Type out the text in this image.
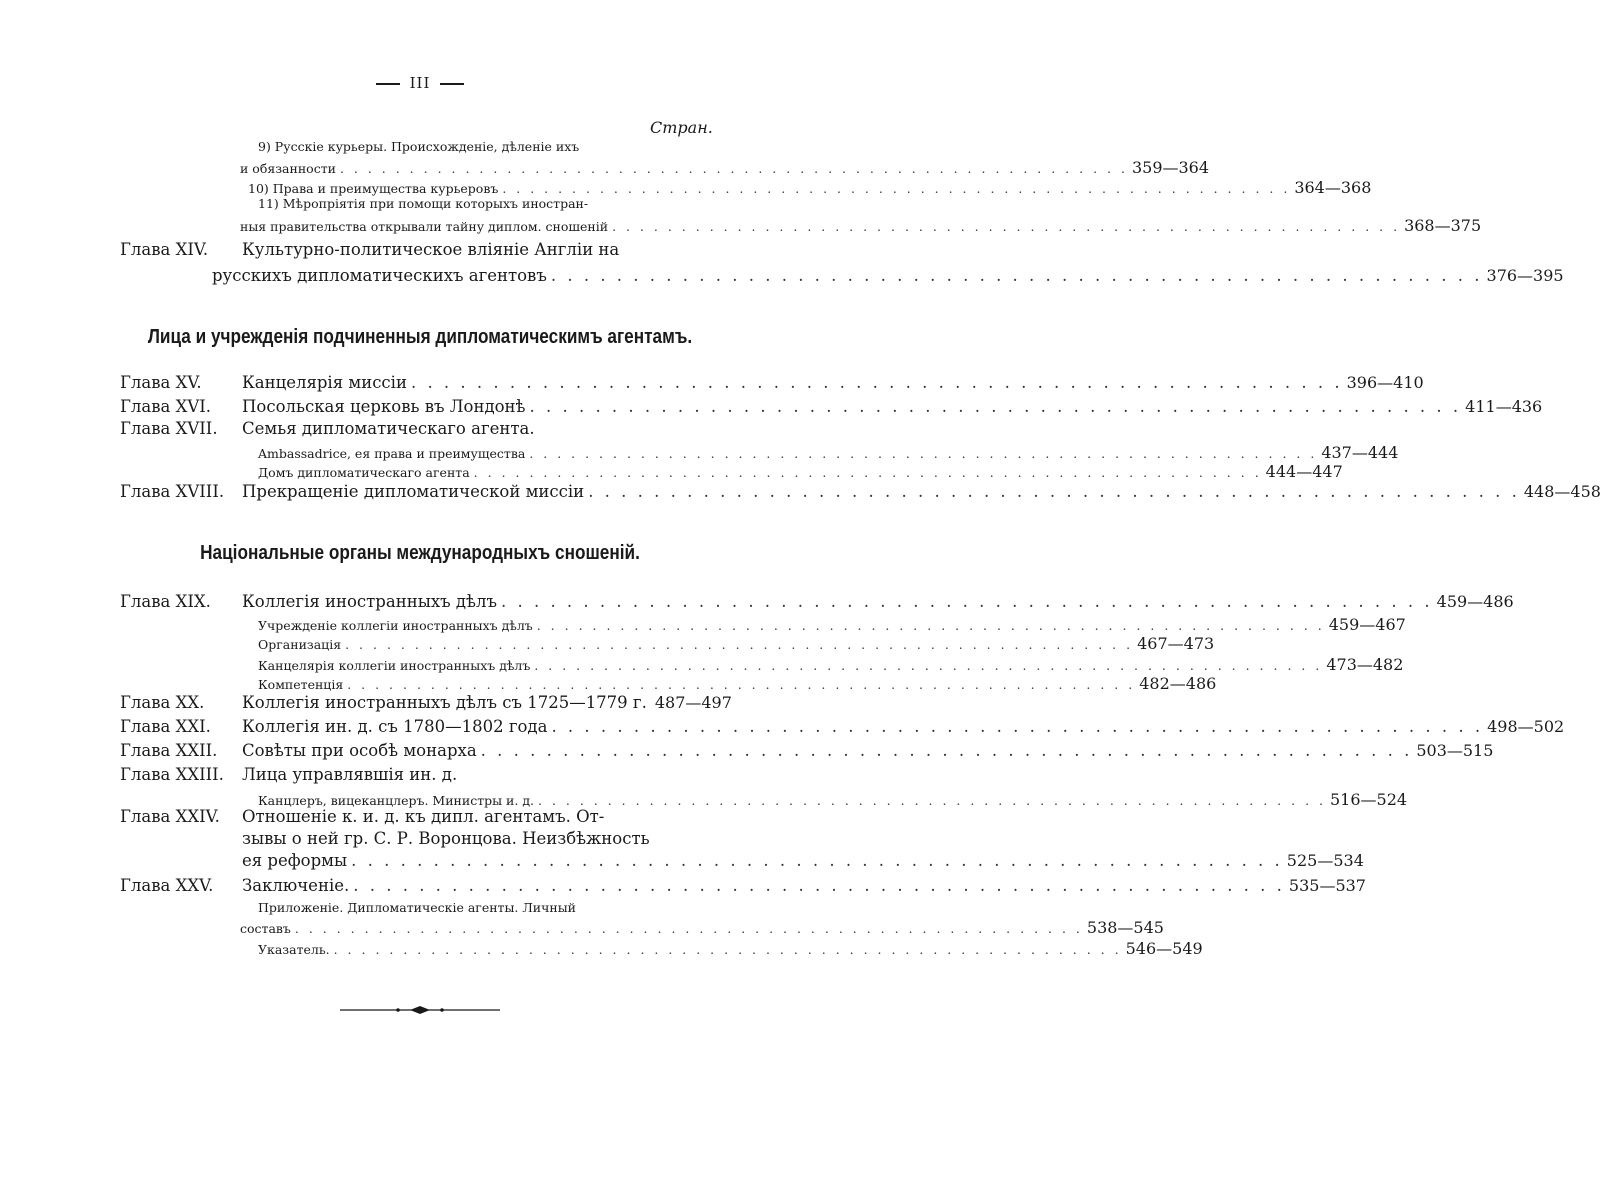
III
Стран.
9) Русскіе курьеры. Происхожденіе, дѣленіе ихъ
и обязанности . . .	359—364
10) Права и преимущества курьеровъ . . .	364—368
11) Мѣропріятія при помощи которыхъ иностран-
ныя правительства открывали тайну диплом. сношеній . . .	368—375
Глава XIV.	Культурно-политическое вліяніе Англіи на
русскихъ дипломатическихъ агентовъ . . .	376—395
Лица и учрежденія подчиненныя дипломатическимъ агентамъ.
Глава XV.	Канцелярія миссіи . . .	396—410
Глава XVI.	Посольская церковь въ Лондонѣ . . .	411—436
Глава XVII.	Семья дипломатическаго агента.
Ambassadrice, ея права и преимущества . . .	437—444
Домъ дипломатическаго агента . . .	444—447
Глава XVIII.	Прекращеніе дипломатической миссіи . . .	448—458
Національные органы международныхъ сношеній.
Глава XIX.	Коллегія иностранныхъ дѣлъ . . .	459—486
Учрежденіе коллегіи иностранныхъ дѣлъ . . .	459—467
Организація . . .	467—473
Канцелярія коллегіи иностранныхъ дѣлъ . . .	473—482
Компетенція . . .	482—486
Глава XX.	Коллегія иностранныхъ дѣлъ съ 1725—1779 г. 487—497
Глава XXI.	Коллегія ин. д. съ 1780—1802 года . . .	498—502
Глава XXII.	Совѣты при особѣ монарха . . .	503—515
Глава XXIII.	Лица управлявшія ин. д.
Канцлеръ, вицеканцлеръ. Министры и. д. . . .	516—524
Глава XXIV.	Отношеніе к. и. д. къ дипл. агентамъ. От-
зывы о ней гр. С. Р. Воронцова. Неизбѣжность
ея реформы . . .	525—534
Глава XXV.	Заключеніе. . . .	535—537
Приложеніе. Дипломатическіе агенты. Личный
составъ . . .	538—545
Указатель. . . .	546—549
